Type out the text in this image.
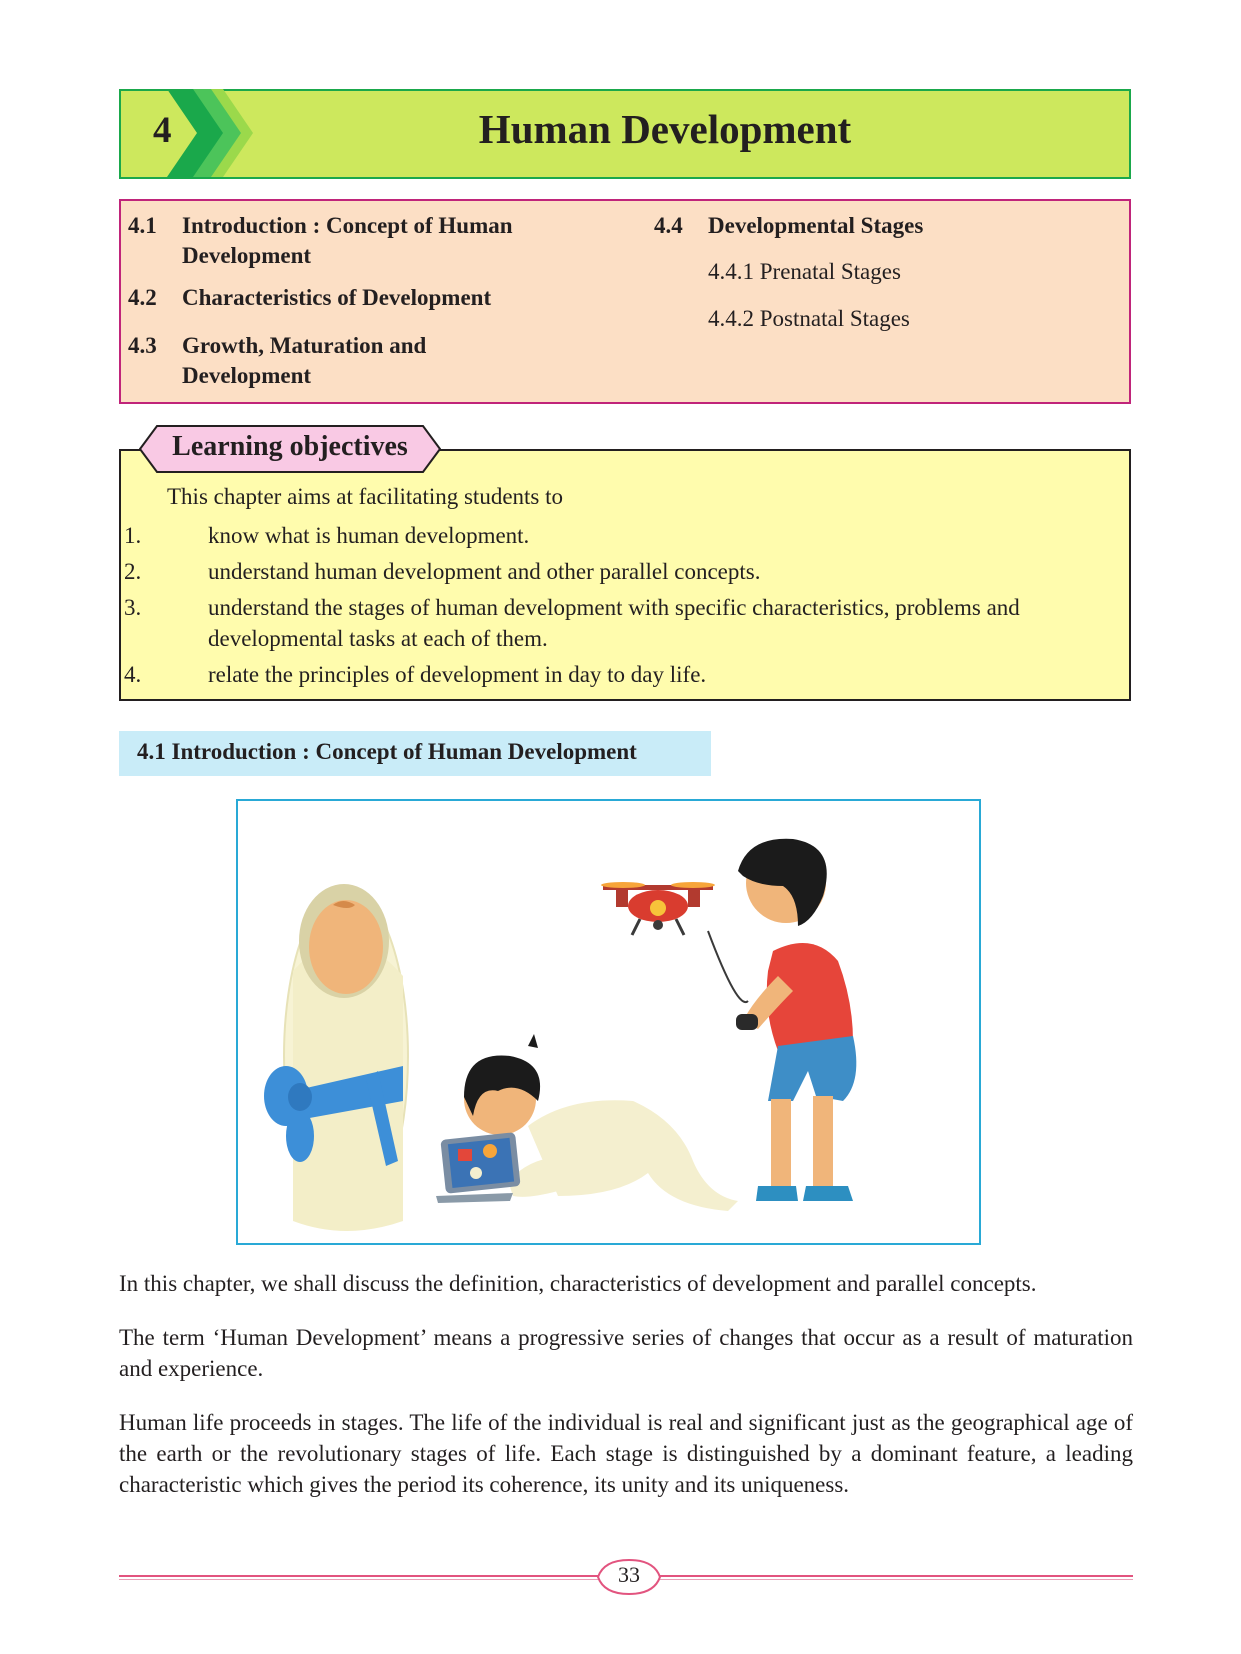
4	Human Development
4.1 Introduction : Concept of Human
Development
4.2 Characteristics of Development
4.3 Growth, Maturation and
Development
4.4 Developmental Stages
4.4.1 Prenatal Stages
4.4.2 Postnatal Stages
Learning objectives
This chapter aims at facilitating students to
1.	know what is human development.
2.	understand human development and other parallel concepts.
3.	understand the stages of human development with specific characteristics, problems and
developmental tasks at each of them.
4.	relate the principles of development in day to day life.
4.1 Introduction : Concept of Human Development
In this chapter, we shall discuss the definition, characteristics of development and parallel concepts.
The term ‘Human Development’ means a progressive series of changes that occur as a result of maturation and experience.
Human life proceeds in stages. The life of the individual is real and significant just as the geographical age of the earth or the revolutionary stages of life. Each stage is distinguished by a dominant feature, a leading characteristic which gives the period its coherence, its unity and its uniqueness.
33
